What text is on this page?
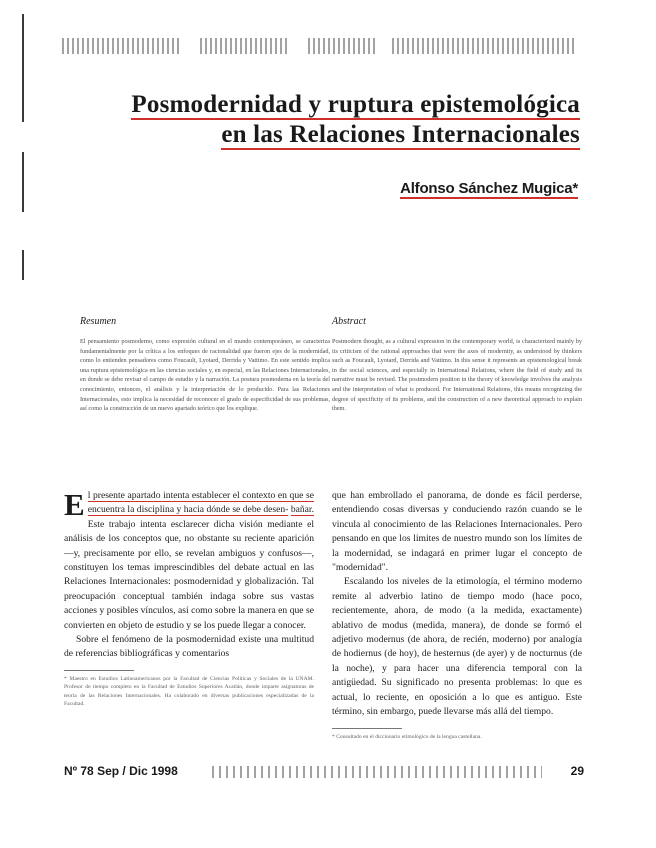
Posmodernidad y ruptura epistemológica
en las Relaciones Internacionales
Alfonso Sánchez Mugica*

Resumen

El pensamiento posmoderno, como expresión cultural en el mundo contemporáneo, se caracteriza fundamentalmente por la crítica a los enfoques de racionalidad que fueron ejes de la modernidad, como lo entienden pensadores como Foucault, Lyotard, Derrida y Vattimo. En este sentido implica una ruptura epistemológica en las ciencias sociales y, en especial, en las Relaciones Internacionales, en donde se debe revisar el campo de estudio y la narración. La postura posmoderna en la teoría del conocimiento, entonces, el análisis y la interpretación de lo producido. Para las Relaciones Internacionales, esto implica la necesidad de reconocer el grado de especificidad de sus problemas, así como la construcción de un nuevo apartado teórico que los explique.

Abstract

Postmodern thought, as a cultural expression in the contemporary world, is characterized mainly by its criticism of the rational approaches that were the axes of modernity, as understood by thinkers such as Foucault, Lyotard, Derrida and Vattimo. In this sense it represents an epistemological break in the social sciences, and especially in International Relations, where the field of study and its narrative must be revised. The postmodern position in the theory of knowledge involves the analysis and the interpretation of what is produced. For International Relations, this means recognizing the degree of specificity of its problems, and the construction of a new theoretical approach to explain them.

El presente apartado intenta establecer el contexto en que se encuentra la disciplina y hacia dónde se debe desen- bañar. Este trabajo intenta esclarecer dicha visión mediante el análisis de los conceptos que, no obstante su reciente aparición —y, precisamente por ello, se revelan ambiguos y confusos—, constituyen los temas imprescindibles del debate actual en las Relaciones Internacionales: posmodernidad y globalización. Tal preocupación conceptual también indaga sobre sus vastas acciones y posibles vínculos, así como sobre la manera en que se convierten en objeto de estudio y se los puede llegar a conocer.

Sobre el fenómeno de la posmodernidad existe una multitud de referencias bibliográficas y comentarios

* Maestro en Estudios Latinoamericanos por la Facultad de Ciencias Políticas y Sociales de la UNAM. Profesor de tiempo completo en la Facultad de Estudios Superiores Acatlán, donde imparte asignaturas de teoría de las Relaciones Internacionales. Ha colaborado en diversas publicaciones especializadas de la Facultad.

que han embrollado el panorama, de donde es fácil perderse, entendiendo cosas diversas y conduciendo razón cuando se le vincula al conocimiento de las Relaciones Internacionales. Pero pensando en que los límites de nuestro mundo son los límites de la modernidad, se indagará en primer lugar el concepto de "modernidad".

Escalando los niveles de la etimología, el término moderno remite al adverbio latino de tiempo modo (hace poco, recientemente, ahora, de modo (a la medida, exactamente) ablativo de modus (medida, manera), de donde se formó el adjetivo modernus (de ahora, de recién, moderno) por analogía de hodiernus (de hoy), de hesternus (de ayer) y de nocturnus (de la noche), y para hacer una diferencia temporal con la antigüedad. Su significado no presenta problemas: lo que es actual, lo reciente, en oposición a lo que es antiguo. Este término, sin embargo, puede llevarse más allá del tiempo.

* Consultado en el diccionario etimológico de la lengua castellana.

Nº 78 Sep / Dic 1998	29
